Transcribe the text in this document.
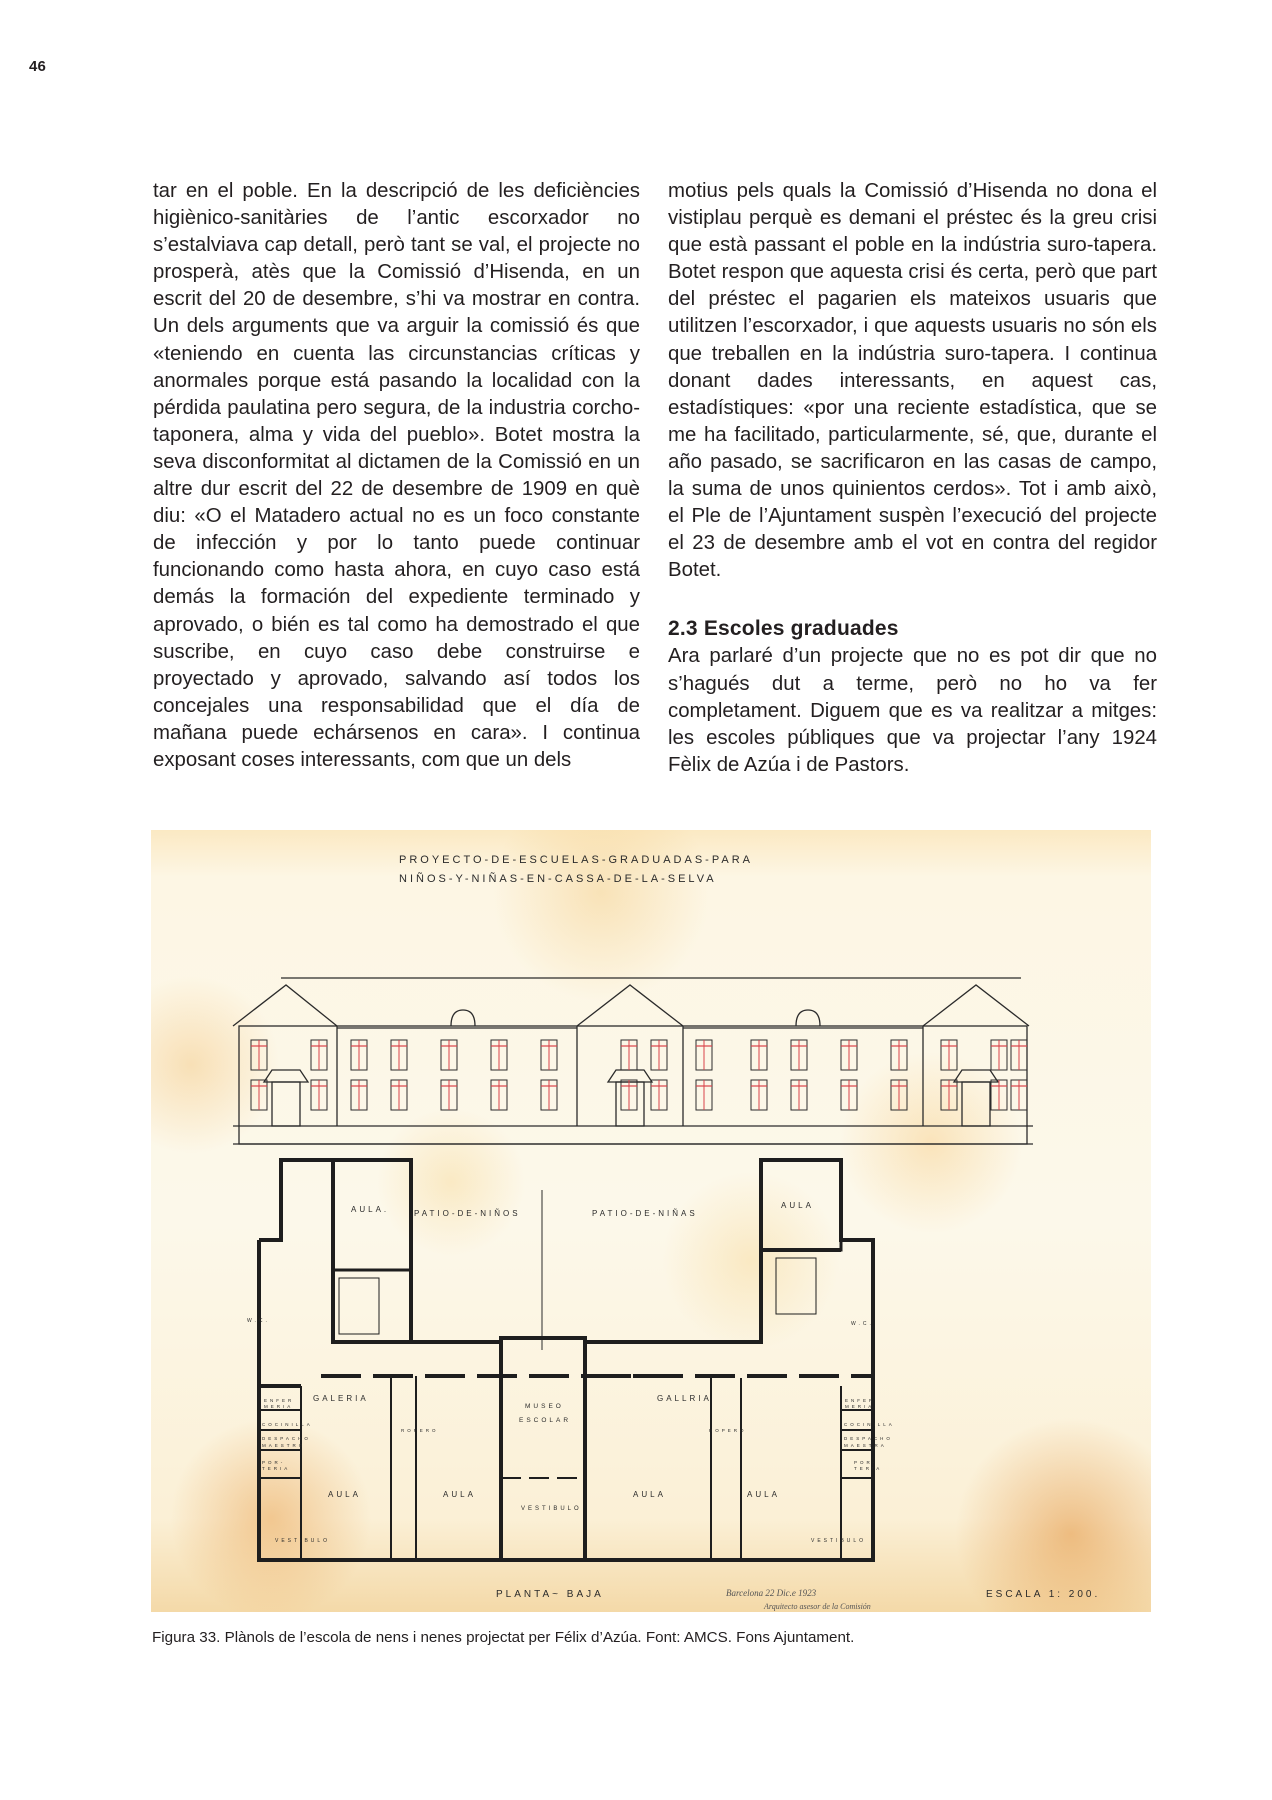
46

tar en el poble. En la descripció de les deficiències higiènico-sanitàries de l’antic escorxador no s’estalviava cap detall, però tant se val, el projecte no prosperà, atès que la Comissió d’Hisenda, en un escrit del 20 de desembre, s’hi va mostrar en contra. Un dels arguments que va arguir la comissió és que «teniendo en cuenta las circunstancias críticas y anormales porque está pasando la localidad con la pérdida paulatina pero segura, de la industria corcho-taponera, alma y vida del pueblo». Botet mostra la seva disconformitat al dictamen de la Comissió en un altre dur escrit del 22 de desembre de 1909 en què diu: «O el Matadero actual no es un foco constante de infección y por lo tanto puede continuar funcionando como hasta ahora, en cuyo caso está demás la formación del expediente terminado y aprovado, o bién es tal como ha demostrado el que suscribe, en cuyo caso debe construirse e proyectado y aprovado, salvando así todos los concejales una responsabilidad que el día de mañana puede echársenos en cara». I continua exposant coses interessants, com que un dels

motius pels quals la Comissió d’Hisenda no dona el vistiplau perquè es demani el préstec és la greu crisi que està passant el poble en la indústria suro-tapera. Botet respon que aquesta crisi és certa, però que part del préstec el pagarien els mateixos usuaris que utilitzen l’escorxador, i que aquests usuaris no són els que treballen en la indústria suro-tapera. I continua donant dades interessants, en aquest cas, estadístiques: «por una reciente estadística, que se me ha facilitado, particularmente, sé, que, durante el año pasado, se sacrificaron en las casas de campo, la suma de unos quinientos cerdos». Tot i amb això, el Ple de l’Ajuntament suspèn l’execució del projecte el 23 de desembre amb el vot en contra del regidor Botet.

2.3 Escoles graduades

Ara parlaré d’un projecte que no es pot dir que no s’hagués dut a terme, però no ho va fer completament. Diguem que es va realitzar a mitges: les escoles públiques que va projectar l’any 1924 Fèlix de Azúa i de Pastors.

PROYECTO-DE-ESCUELAS-GRADUADAS-PARA
NIÑOS-Y-NIÑAS-EN-CASSA-DE-LA-SELVA
PATIO-DE-NIÑOS	PATIO-DE-NIÑAS
AULA.	AULA
GALERIA	GALLRIA
MUSEO
ESCOLAR
VESTIBULO
AULA	AULA	AULA	AULA
ROPERO	ROPERO
W.C.	W.C.
ENFER
MERIA
ENFER
MERIA
COCINILLA	COCINILLA
DESPACHO
MAESTRO
DESPACHO
MAESTRA
POR-
TERIA
POR-
TERIA
VESTIBULO	VESTIBULO
PLANTA~ BAJA	ESCALA 1: 200.
Barcelona 22 Dic.e 1923
Arquitecto asesor de la Comisión
Figura 33. Plànols de l’escola de nens i nenes projectat per Félix d’Azúa. Font: AMCS. Fons Ajuntament.
